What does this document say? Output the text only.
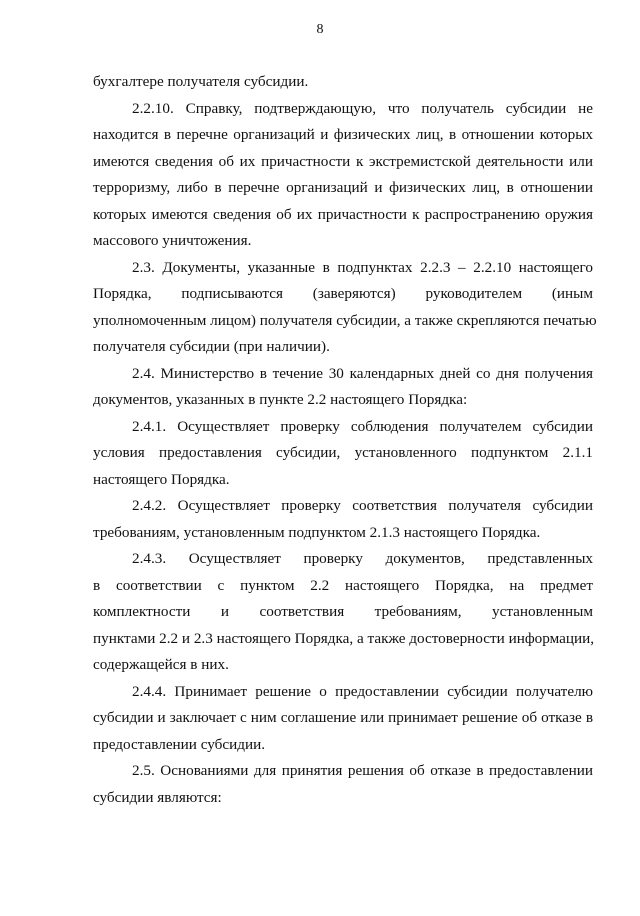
8
бухгалтере получателя субсидии.
2.2.10. Справку, подтверждающую, что получатель субсидии не
находится в перечне организаций и физических лиц, в отношении которых
имеются сведения об их причастности к экстремистской деятельности или
терроризму, либо в перечне организаций и физических лиц, в отношении
которых имеются сведения об их причастности к распространению оружия
массового уничтожения.
2.3. Документы, указанные в подпунктах 2.2.3 – 2.2.10 настоящего
Порядка, подписываются (заверяются) руководителем (иным
уполномоченным лицом) получателя субсидии, а также скрепляются печатью
получателя субсидии (при наличии).
2.4. Министерство в течение 30 календарных дней со дня получения
документов, указанных в пункте 2.2 настоящего Порядка:
2.4.1. Осуществляет проверку соблюдения получателем субсидии
условия предоставления субсидии, установленного подпунктом 2.1.1
настоящего Порядка.
2.4.2. Осуществляет проверку соответствия получателя субсидии
требованиям, установленным подпунктом 2.1.3 настоящего Порядка.
2.4.3. Осуществляет проверку документов, представленных
в соответствии с пунктом 2.2 настоящего Порядка, на предмет
комплектности и соответствия требованиям, установленным
пунктами 2.2 и 2.3 настоящего Порядка, а также достоверности информации,
содержащейся в них.
2.4.4. Принимает решение о предоставлении субсидии получателю
субсидии и заключает с ним соглашение или принимает решение об отказе в
предоставлении субсидии.
2.5. Основаниями для принятия решения об отказе в предоставлении
субсидии являются:
